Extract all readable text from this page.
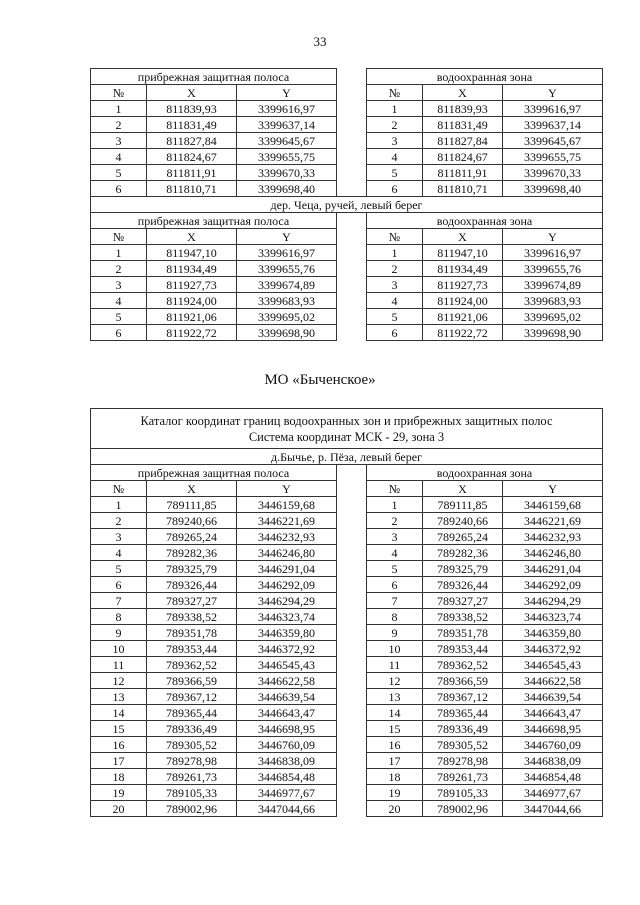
33
прибрежная защитная полоса				водоохранная зона		
№	X	Y		№	X	Y
1	811839,93	3399616,97		1	811839,93	3399616,97
2	811831,49	3399637,14		2	811831,49	3399637,14
3	811827,84	3399645,67		3	811827,84	3399645,67
4	811824,67	3399655,75		4	811824,67	3399655,75
5	811811,91	3399670,33		5	811811,91	3399670,33
6	811810,71	3399698,40		6	811810,71	3399698,40
дер. Чеца, ручей, левый берег						
прибрежная защитная полоса				водоохранная зона		
№	X	Y		№	X	Y
1	811947,10	3399616,97		1	811947,10	3399616,97
2	811934,49	3399655,76		2	811934,49	3399655,76
3	811927,73	3399674,89		3	811927,73	3399674,89
4	811924,00	3399683,93		4	811924,00	3399683,93
5	811921,06	3399695,02		5	811921,06	3399695,02
6	811922,72	3399698,90		6	811922,72	3399698,90
МО «Быченское»
Каталог координат границ водоохранных зон и прибрежных защитных полос
Система координат МСК - 29, зона 3						

д.Бычье, р. Пёза, левый берег						
прибрежная защитная полоса				водоохранная зона		
№	X	Y		№	X	Y
1	789111,85	3446159,68		1	789111,85	3446159,68
2	789240,66	3446221,69		2	789240,66	3446221,69
3	789265,24	3446232,93		3	789265,24	3446232,93
4	789282,36	3446246,80		4	789282,36	3446246,80
5	789325,79	3446291,04		5	789325,79	3446291,04
6	789326,44	3446292,09		6	789326,44	3446292,09
7	789327,27	3446294,29		7	789327,27	3446294,29
8	789338,52	3446323,74		8	789338,52	3446323,74
9	789351,78	3446359,80		9	789351,78	3446359,80
10	789353,44	3446372,92		10	789353,44	3446372,92
11	789362,52	3446545,43		11	789362,52	3446545,43
12	789366,59	3446622,58		12	789366,59	3446622,58
13	789367,12	3446639,54		13	789367,12	3446639,54
14	789365,44	3446643,47		14	789365,44	3446643,47
15	789336,49	3446698,95		15	789336,49	3446698,95
16	789305,52	3446760,09		16	789305,52	3446760,09
17	789278,98	3446838,09		17	789278,98	3446838,09
18	789261,73	3446854,48		18	789261,73	3446854,48
19	789105,33	3446977,67		19	789105,33	3446977,67
20	789002,96	3447044,66		20	789002,96	3447044,66
